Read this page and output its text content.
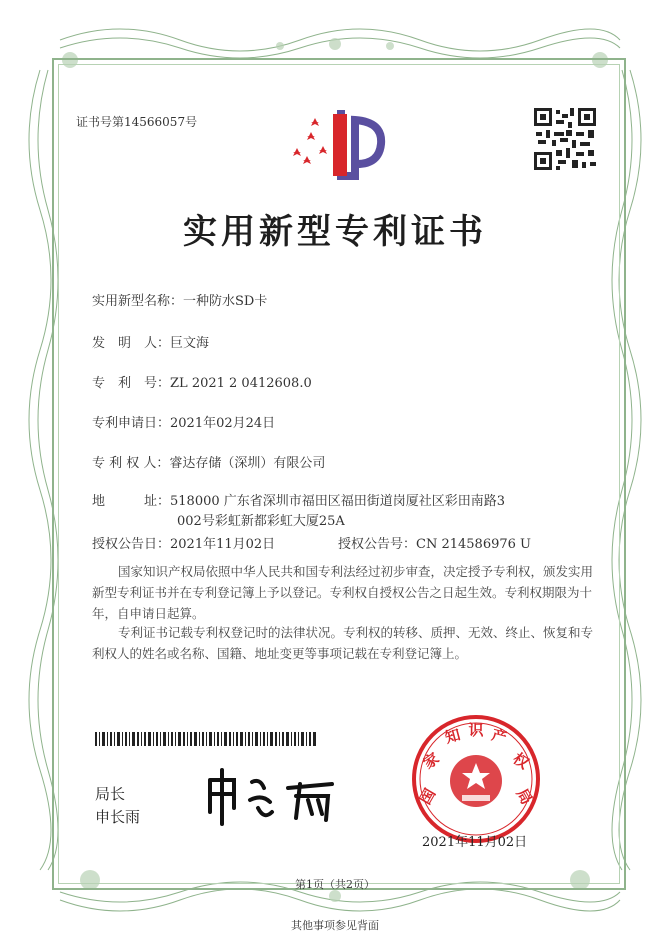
证书号第14566057号
实用新型专利证书
实用新型名称：一种防水SD卡
发　明　人：巨文海
专　利　号：ZL 2021 2 0412608.0
专利申请日：2021年02月24日
专 利 权 人：睿达存储（深圳）有限公司
地　　　址：518000 广东省深圳市福田区福田街道岗厦社区彩田南路3
002号彩虹新都彩虹大厦25A
授权公告日：2021年11月02日	授权公告号：CN 214586976 U
国家知识产权局依照中华人民共和国专利法经过初步审查，决定授予专利权，颁发实用新型专利证书并在专利登记簿上予以登记。专利权自授权公告之日起生效。专利权期限为十年，自申请日起算。
专利证书记载专利权登记时的法律状况。专利权的转移、质押、无效、终止、恢复和专利权人的姓名或名称、国籍、地址变更等事项记载在专利登记簿上。
局长
申长雨
国
家
知 识 产
权
局
2021年11月02日
第1页（共2页）
其他事项参见背面
